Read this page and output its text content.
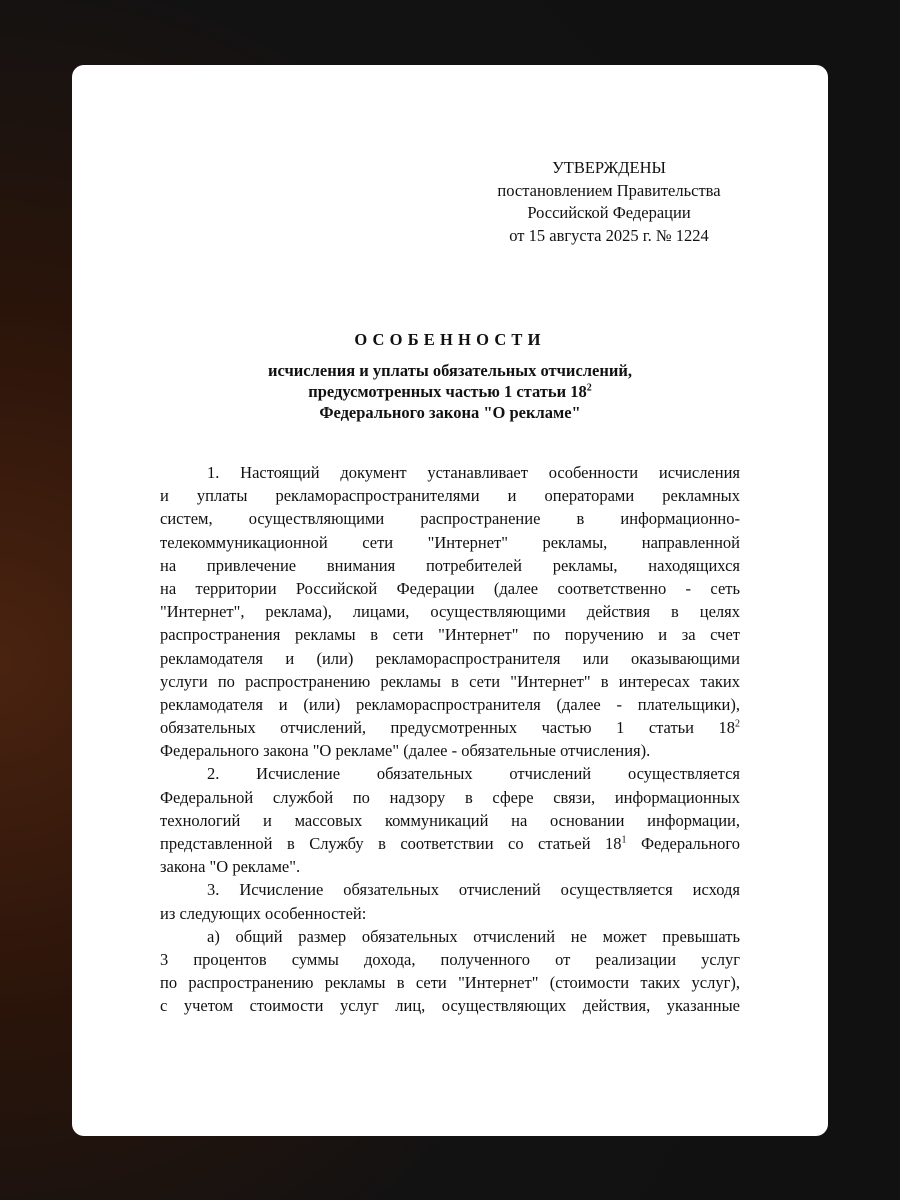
УТВЕРЖДЕНЫ
постановлением Правительства
Российской Федерации
от 15 августа 2025 г. № 1224
ОСОБЕННОСТИ
исчисления и уплаты обязательных отчислений,
предусмотренных частью 1 статьи $18^2$
Федерального закона "О рекламе"
1. Настоящий документ устанавливает особенности исчисления
и уплаты рекламораспространителями и операторами рекламных
систем, осуществляющими распространение в информационно-
телекоммуникационной сети "Интернет" рекламы, направленной
на привлечение внимания потребителей рекламы, находящихся
на территории Российской Федерации (далее соответственно - сеть
"Интернет", реклама), лицами, осуществляющими действия в целях
распространения рекламы в сети "Интернет" по поручению и за счет
рекламодателя и (или) рекламораспространителя или оказывающими
услуги по распространению рекламы в сети "Интернет" в интересах таких
рекламодателя и (или) рекламораспространителя (далее - плательщики),
обязательных отчислений, предусмотренных частью 1 статьи $18^2$
Федерального закона "О рекламе" (далее - обязательные отчисления).
2. Исчисление обязательных отчислений осуществляется
Федеральной службой по надзору в сфере связи, информационных
технологий и массовых коммуникаций на основании информации,
представленной в Службу в соответствии со статьей $18^1$ Федерального
закона "О рекламе".
3. Исчисление обязательных отчислений осуществляется исходя
из следующих особенностей:
а) общий размер обязательных отчислений не может превышать
3 процентов суммы дохода, полученного от реализации услуг
по распространению рекламы в сети "Интернет" (стоимости таких услуг),
с учетом стоимости услуг лиц, осуществляющих действия, указанные
